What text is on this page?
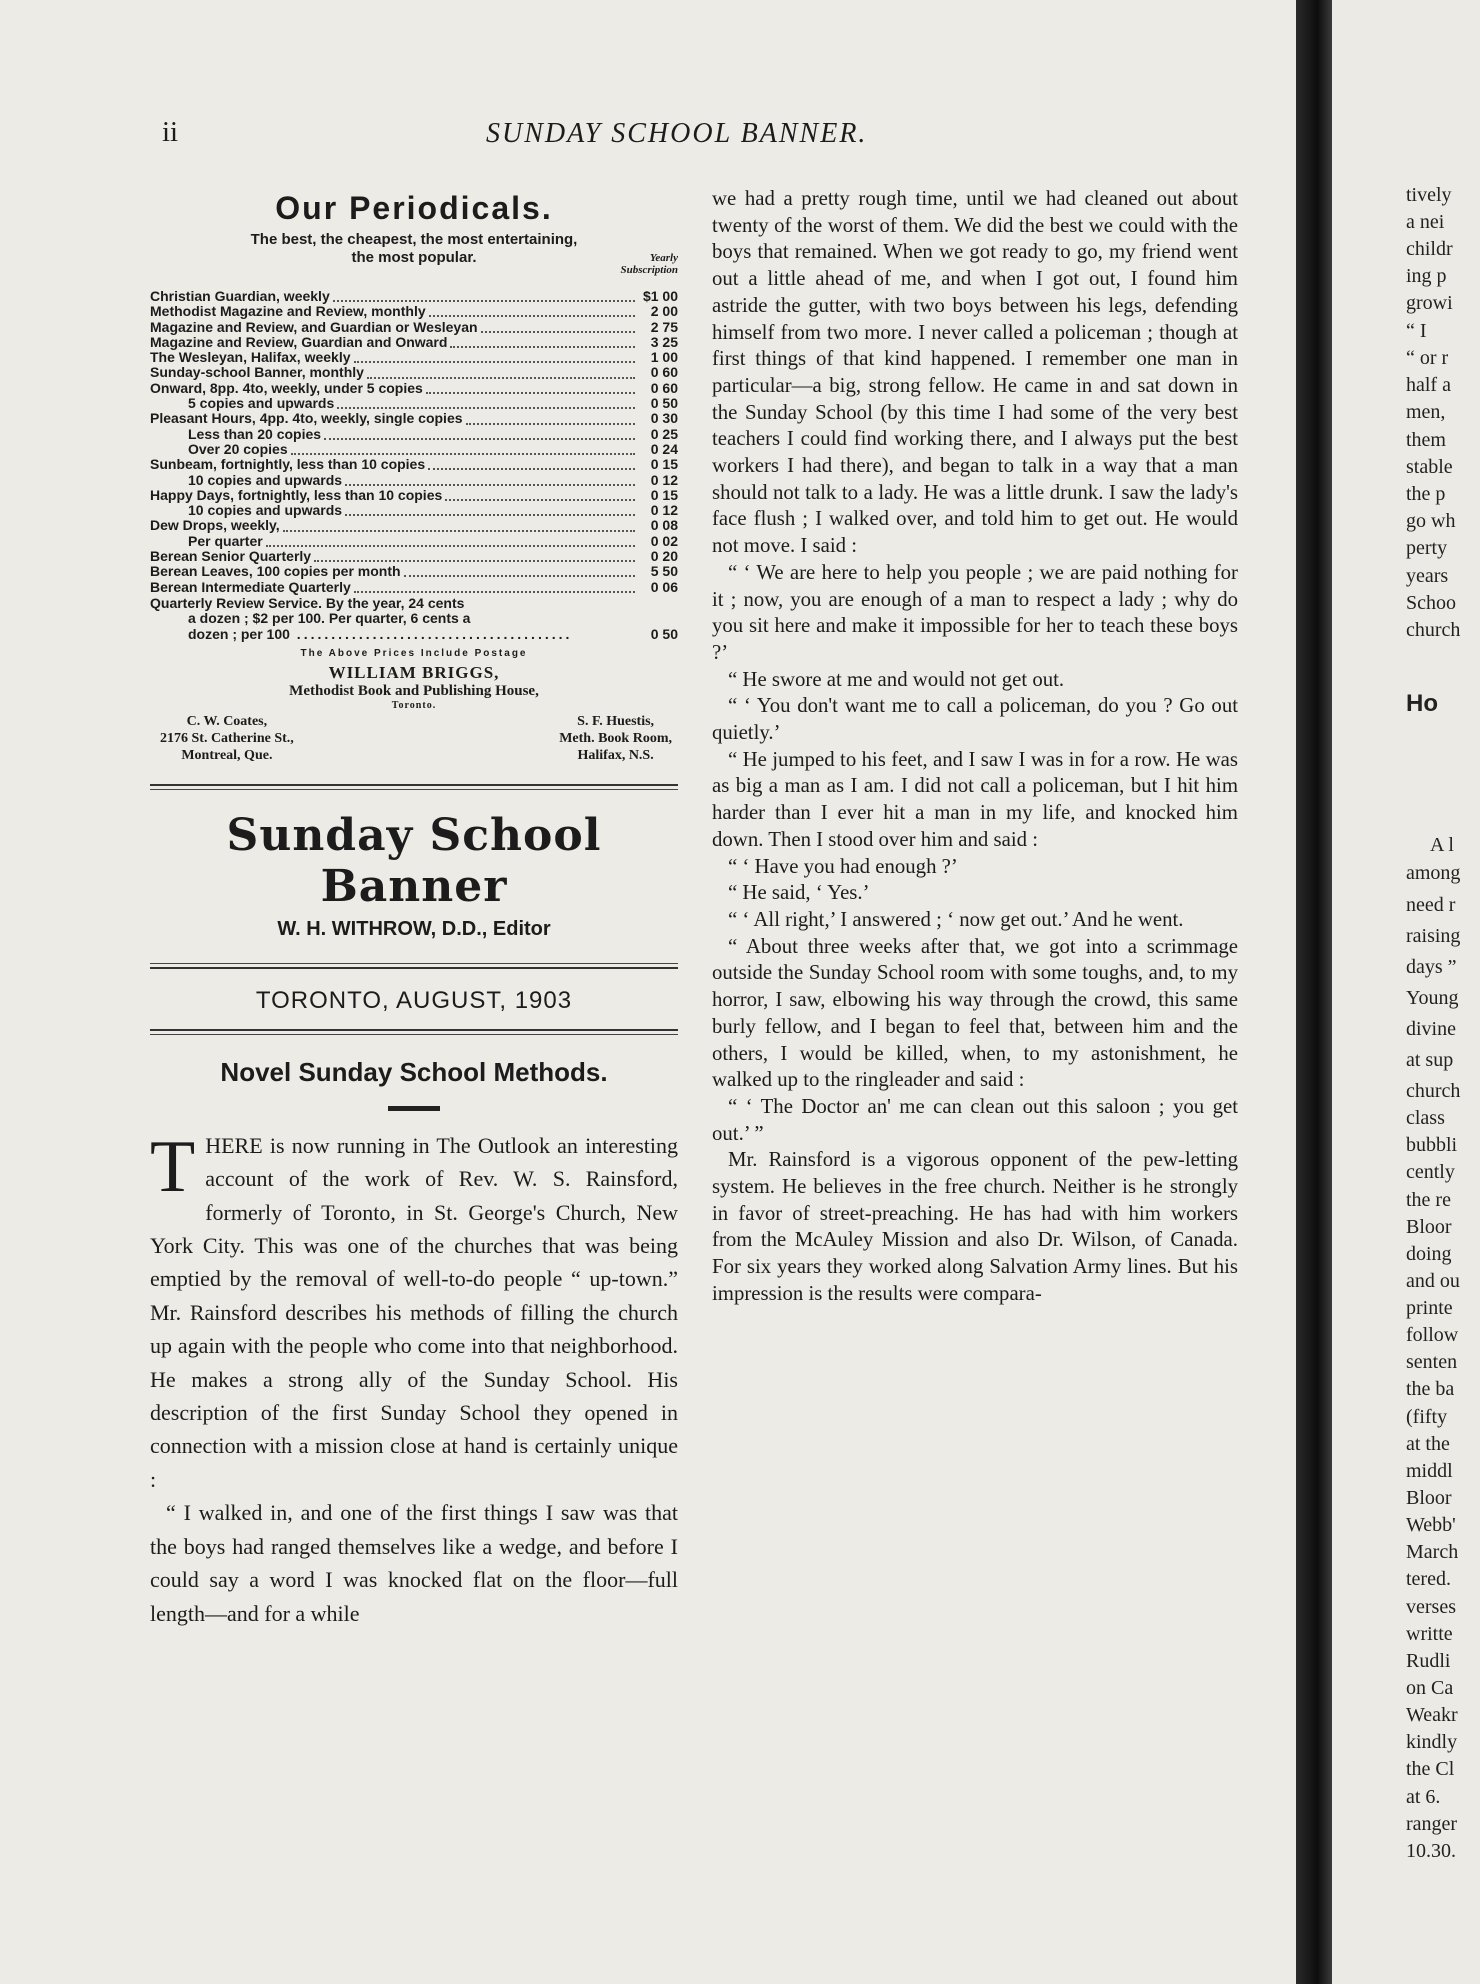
ii	SUNDAY SCHOOL BANNER.
Our Periodicals.
The best, the cheapest, the most entertaining,
the most popular.	Yearly
Subscription
Christian Guardian, weekly	$1 00
Methodist Magazine and Review, monthly	2 00
Magazine and Review, and Guardian or Wesleyan	2 75
Magazine and Review, Guardian and Onward	3 25
The Wesleyan, Halifax, weekly	1 00
Sunday-school Banner, monthly	0 60
Onward, 8pp. 4to, weekly, under 5 copies	0 60
5 copies and upwards	0 50
Pleasant Hours, 4pp. 4to, weekly, single copies	0 30
Less than 20 copies	0 25
Over 20 copies	0 24
Sunbeam, fortnightly, less than 10 copies	0 15
10 copies and upwards	0 12
Happy Days, fortnightly, less than 10 copies	0 15
10 copies and upwards	0 12
Dew Drops, weekly,	0 08
Per quarter	0 02
Berean Senior Quarterly	0 20
Berean Leaves, 100 copies per month	5 50
Berean Intermediate Quarterly	0 06
Quarterly Review Service. By the year, 24 cents
a dozen ; $2 per 100. Per quarter, 6 cents a
dozen ; per 100 ........................................	0 50
The Above Prices Include Postage
WILLIAM BRIGGS,
Methodist Book and Publishing House,
Toronto.
C. W. Coates,
2176 St. Catherine St.,
Montreal, Que.
S. F. Huestis,
Meth. Book Room,
Halifax, N.S.
Sunday School Banner
W. H. WITHROW, D.D., Editor
TORONTO, AUGUST, 1903
Novel Sunday School Methods.

THERE is now running in The Outlook an interesting account of the work of Rev. W. S. Rainsford, formerly of Toronto, in St. George's Church, New York City. This was one of the churches that was being emptied by the removal of well-to-do people “ up-town.” Mr. Rainsford describes his methods of filling the church up again with the people who come into that neighborhood. He makes a strong ally of the Sunday School. His description of the first Sunday School they opened in connection with a mission close at hand is certainly unique :

“ I walked in, and one of the first things I saw was that the boys had ranged themselves like a wedge, and before I could say a word I was knocked flat on the floor—full length—and for a while

we had a pretty rough time, until we had cleaned out about twenty of the worst of them. We did the best we could with the boys that remained. When we got ready to go, my friend went out a little ahead of me, and when I got out, I found him astride the gutter, with two boys between his legs, defending himself from two more. I never called a policeman ; though at first things of that kind happened. I remember one man in particular—a big, strong fellow. He came in and sat down in the Sunday School (by this time I had some of the very best teachers I could find working there, and I always put the best workers I had there), and began to talk in a way that a man should not talk to a lady. He was a little drunk. I saw the lady's face flush ; I walked over, and told him to get out. He would not move. I said :

“ ‘ We are here to help you people ; we are paid nothing for it ; now, you are enough of a man to respect a lady ; why do you sit here and make it impossible for her to teach these boys ?’

“ He swore at me and would not get out.

“ ‘ You don't want me to call a policeman, do you ? Go out quietly.’

“ He jumped to his feet, and I saw I was in for a row. He was as big a man as I am. I did not call a policeman, but I hit him harder than I ever hit a man in my life, and knocked him down. Then I stood over him and said :

“ ‘ Have you had enough ?’

“ He said, ‘ Yes.’

“ ‘ All right,’ I answered ; ‘ now get out.’ And he went.

“ About three weeks after that, we got into a scrimmage outside the Sunday School room with some toughs, and, to my horror, I saw, elbowing his way through the crowd, this same burly fellow, and I began to feel that, between him and the others, I would be killed, when, to my astonishment, he walked up to the ringleader and said :

“ ‘ The Doctor an' me can clean out this saloon ; you get out.’ ”

Mr. Rainsford is a vigorous opponent of the pew-letting system. He believes in the free church. Neither is he strongly in favor of street-preaching. He has had with him workers from the McAuley Mission and also Dr. Wilson, of Canada. For six years they worked along Salvation Army lines. But his impression is the results were compara-

tively
a nei
childr
ing p
growi
“ I
“ or r
half a
men,
them
stable
the p
go wh
perty
years
Schoo
church
Ho
A l
among
need r
raising
days ”
Young
divine
at sup
church
class
bubbli
cently
the re
Bloor
doing
and ou
printe
follow
senten
the ba
(fifty
at the
middl
Bloor
Webb'
March
tered.
verses
writte
Rudli
on Ca
Weakr
kindly
the Cl
at 6.
ranger
10.30.
